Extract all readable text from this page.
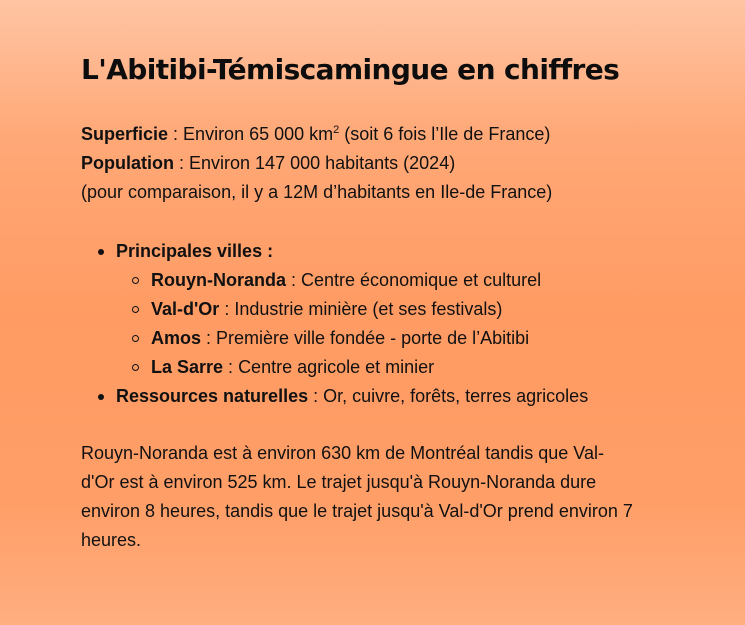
L'Abitibi-Témiscamingue en chiffres
Superficie : Environ 65 000 $km^2$ (soit 6 fois l’Ile de France)
Population : Environ 147 000 habitants (2024)
(pour comparaison, il y a 12M d’habitants en Ile-de France)
Principales villes :
Rouyn-Noranda : Centre économique et culturel
Val-d'Or : Industrie minière (et ses festivals)
Amos : Première ville fondée - porte de l’Abitibi
La Sarre : Centre agricole et minier
Ressources naturelles : Or, cuivre, forêts, terres agricoles
Rouyn-Noranda est à environ 630 km de Montréal tandis que Val-
d'Or est à environ 525 km. Le trajet jusqu'à Rouyn-Noranda dure
environ 8 heures, tandis que le trajet jusqu'à Val-d'Or prend environ 7
heures.
